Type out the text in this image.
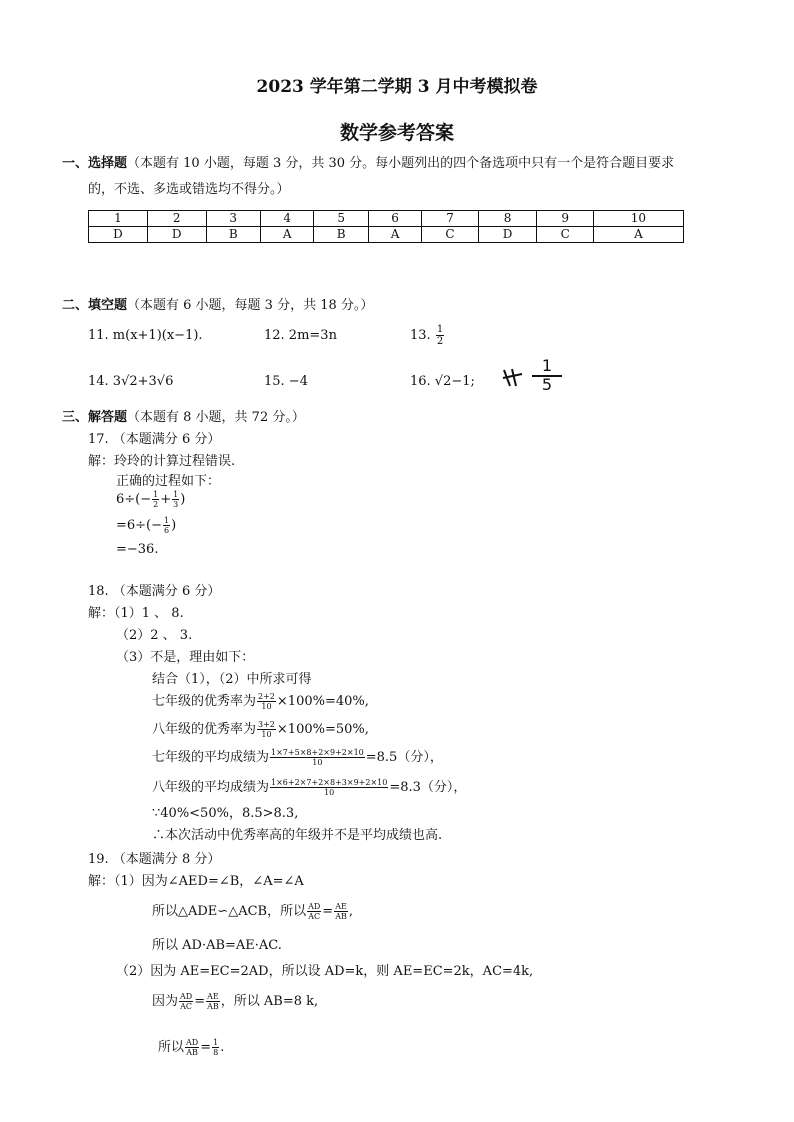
2023 学年第二学期 3 月中考模拟卷
数学参考答案
一、选择题（本题有 10 小题，每题 3 分，共 30 分。每小题列出的四个备选项中只有一个是符合题目要求
的，不选、多选或错选均不得分。）
1	2	3	4	5	6	7	8	9	10
D	D	B	A	B	A	C	D	C	A
二、填空题（本题有 6 小题，每题 3 分，共 18 分。）
11. m(x+1)(x−1).	12. 2m=3n	13. $\frac{1}{2}$
14. 3√2+3√6	15. −4	16. √2−1;
1
5
三、解答题（本题有 8 小题，共 72 分。）
17. （本题满分 6 分）
解：玲玲的计算过程错误.
正确的过程如下：
$6\div(- \frac{1}{2} + \frac{1}{3}$ )
$=6\div(- \frac{1}{6}$ )
=−36.
18. （本题满分 6 分）
解：（1）1 、 8.
（2）2 、 3.
（3）不是，理由如下：
结合（1），（2）中所求可得
七年级的优秀率为 $\frac{2+2}{10} \times 100\%=40\%$,
八年级的优秀率为 $\frac{3+2}{10} \times 100\%=50\%$,
七年级的平均成绩为 $\frac{1\times 7+5\times 8+2\times 9+2\times 10}{10} =8.5$（分），
八年级的平均成绩为 $\frac{1\times 6+2\times 7+2\times 8+3\times 9+2\times 10}{10} =8.3$（分），
∵40%<50%，8.5>8.3,
∴本次活动中优秀率高的年级并不是平均成绩也高.
19. （本题满分 8 分）
解：（1）因为∠AED=∠B，∠A=∠A
所以△ADE∽△ACB，所以 $\frac{AD}{AC} = \frac{AE}{AB}$ ,
所以 AD·AB=AE·AC.
（2）因为 AE=EC=2AD，所以设 AD=k，则 AE=EC=2k，AC=4k,
因为 $\frac{AD}{AC} = \frac{AE}{AB}$ ，所以 AB=8 k,
所以 $\frac{AD}{AB} = \frac{1}{8}$ .
